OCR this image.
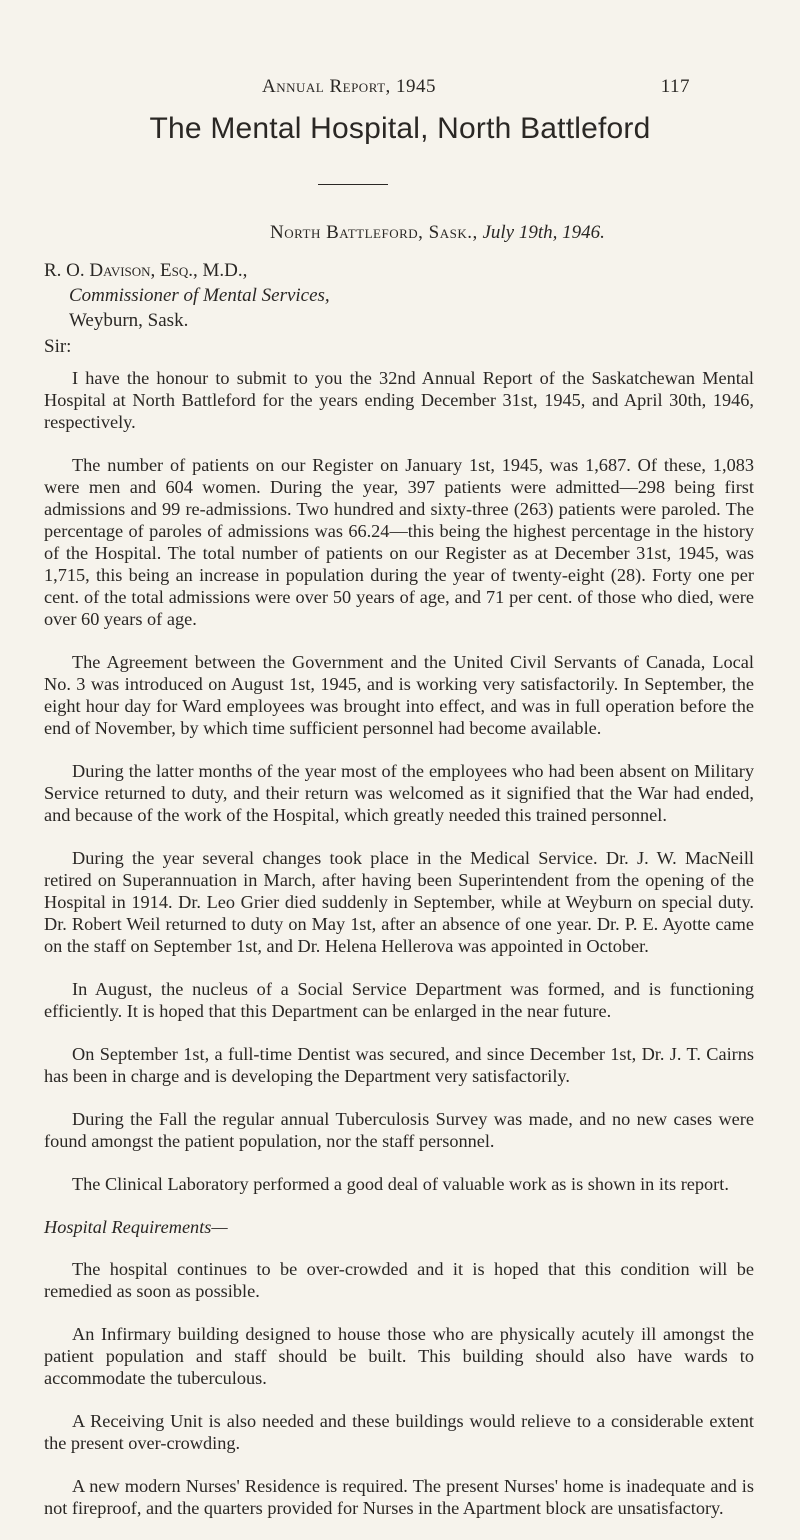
Annual Report, 1945	117
The Mental Hospital, North Battleford
North Battleford, Sask., July 19th, 1946.
R. O. Davison, Esq., M.D.,
Commissioner of Mental Services,
Weyburn, Sask.
Sir:

I have the honour to submit to you the 32nd Annual Report of the Saskatchewan Mental Hospital at North Battleford for the years ending December 31st, 1945, and April 30th, 1946, respectively.

The number of patients on our Register on January 1st, 1945, was 1,687. Of these, 1,083 were men and 604 women. During the year, 397 patients were admitted—298 being first admissions and 99 re-admissions. Two hundred and sixty-three (263) patients were paroled. The percentage of paroles of admissions was 66.24—this being the highest percentage in the history of the Hospital. The total number of patients on our Register as at December 31st, 1945, was 1,715, this being an increase in population during the year of twenty-eight (28). Forty one per cent. of the total admissions were over 50 years of age, and 71 per cent. of those who died, were over 60 years of age.

The Agreement between the Government and the United Civil Servants of Canada, Local No. 3 was introduced on August 1st, 1945, and is working very satisfactorily. In September, the eight hour day for Ward employees was brought into effect, and was in full operation before the end of November, by which time sufficient personnel had become available.

During the latter months of the year most of the employees who had been absent on Military Service returned to duty, and their return was welcomed as it signified that the War had ended, and because of the work of the Hospital, which greatly needed this trained personnel.

During the year several changes took place in the Medical Service. Dr. J. W. MacNeill retired on Superannuation in March, after having been Superintendent from the opening of the Hospital in 1914. Dr. Leo Grier died suddenly in September, while at Weyburn on special duty. Dr. Robert Weil returned to duty on May 1st, after an absence of one year. Dr. P. E. Ayotte came on the staff on September 1st, and Dr. Helena Hellerova was appointed in October.

In August, the nucleus of a Social Service Department was formed, and is functioning efficiently. It is hoped that this Department can be enlarged in the near future.

On September 1st, a full-time Dentist was secured, and since December 1st, Dr. J. T. Cairns has been in charge and is developing the Department very satisfactorily.

During the Fall the regular annual Tuberculosis Survey was made, and no new cases were found amongst the patient population, nor the staff personnel.

The Clinical Laboratory performed a good deal of valuable work as is shown in its report.

Hospital Requirements—

The hospital continues to be over-crowded and it is hoped that this condition will be remedied as soon as possible.

An Infirmary building designed to house those who are physically acutely ill amongst the patient population and staff should be built. This building should also have wards to accommodate the tuberculous.

A Receiving Unit is also needed and these buildings would relieve to a considerable extent the present over-crowding.

A new modern Nurses' Residence is required. The present Nurses' home is inadequate and is not fireproof, and the quarters provided for Nurses in the Apartment block are unsatisfactory.
